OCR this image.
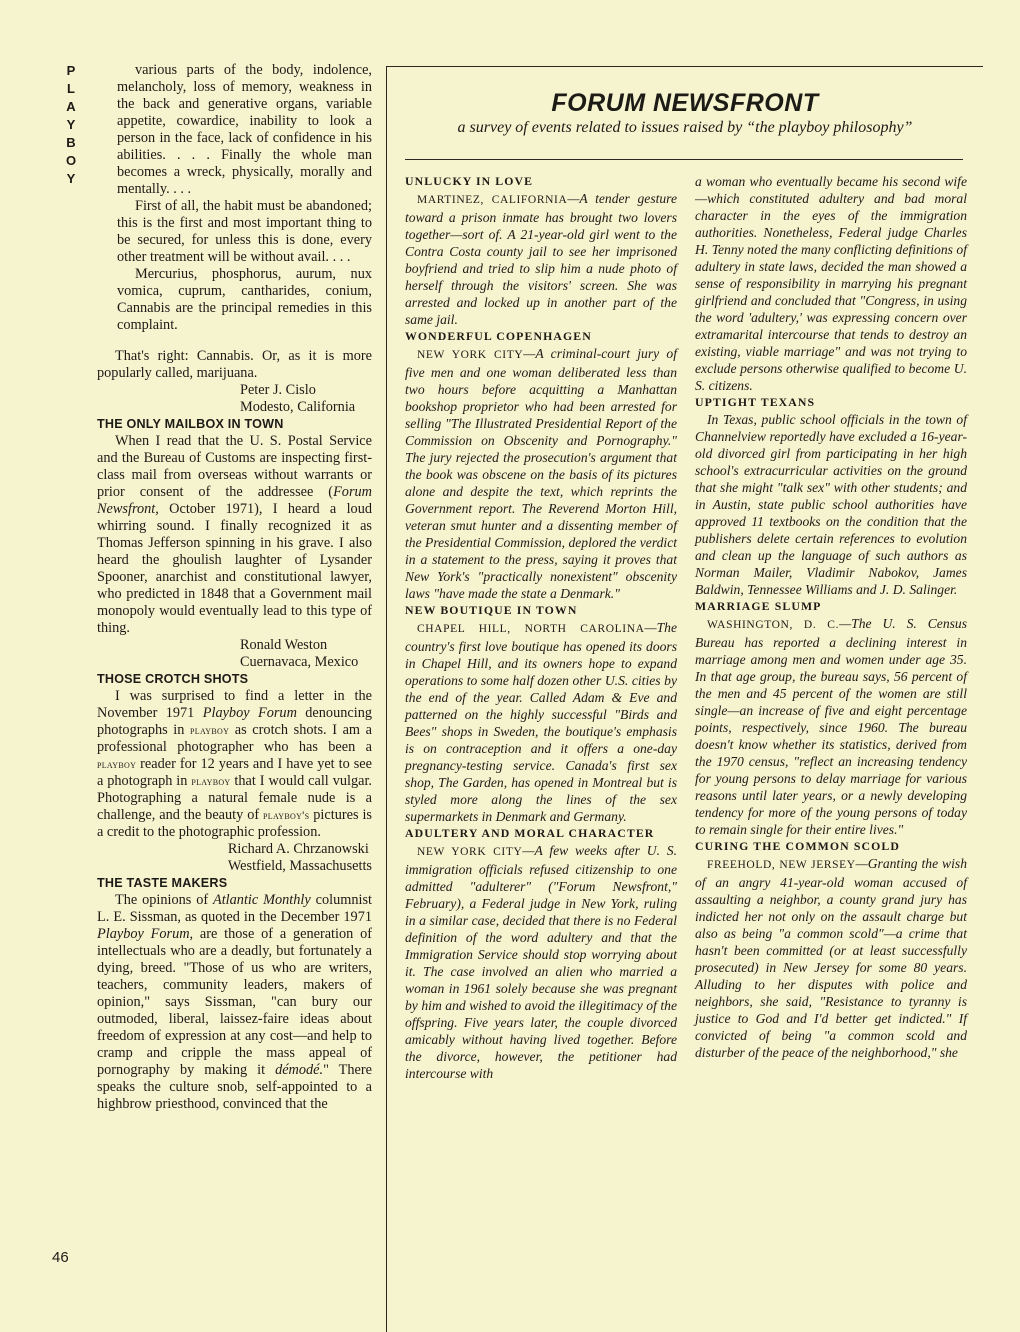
P
L
A
Y
B
O
Y
46

various parts of the body, indolence, melancholy, loss of memory, weakness in the back and generative organs, variable appetite, cowardice, inability to look a person in the face, lack of confidence in his abilities. . . . Finally the whole man becomes a wreck, physically, morally and mentally. . . .

First of all, the habit must be abandoned; this is the first and most important thing to be secured, for unless this is done, every other treatment will be without avail. . . .

Mercurius, phosphorus, aurum, nux vomica, cuprum, cantharides, conium, Cannabis are the principal remedies in this complaint.

That's right: Cannabis. Or, as it is more popularly called, marijuana.

Peter J. Cislo
Modesto, California

THE ONLY MAILBOX IN TOWN

When I read that the U. S. Postal Service and the Bureau of Customs are inspecting first-class mail from overseas without warrants or prior consent of the addressee (Forum Newsfront, October 1971), I heard a loud whirring sound. I finally recognized it as Thomas Jefferson spinning in his grave. I also heard the ghoulish laughter of Lysander Spooner, anarchist and constitutional lawyer, who predicted in 1848 that a Government mail monopoly would eventually lead to this type of thing.

Ronald Weston
Cuernavaca, Mexico

THOSE CROTCH SHOTS

I was surprised to find a letter in the November 1971 Playboy Forum denouncing photographs in playboy as crotch shots. I am a professional photographer who has been a playboy reader for 12 years and I have yet to see a photograph in playboy that I would call vulgar. Photographing a natural female nude is a challenge, and the beauty of playboy's pictures is a credit to the photographic profession.

Richard A. Chrzanowski
Westfield, Massachusetts

THE TASTE MAKERS

The opinions of Atlantic Monthly columnist L. E. Sissman, as quoted in the December 1971 Playboy Forum, are those of a generation of intellectuals who are a deadly, but fortunately a dying, breed. "Those of us who are writers, teachers, community leaders, makers of opinion," says Sissman, "can bury our outmoded, liberal, laissez-faire ideas about freedom of expression at any cost—and help to cramp and cripple the mass appeal of pornography by making it démodé." There speaks the culture snob, self-appointed to a highbrow priesthood, convinced that the

FORUM NEWSFRONT
a survey of events related to issues raised by “the playboy philosophy”

UNLUCKY IN LOVE

MARTINEZ, CALIFORNIA—A tender gesture toward a prison inmate has brought two lovers together—sort of. A 21-year-old girl went to the Contra Costa county jail to see her imprisoned boyfriend and tried to slip him a nude photo of herself through the visitors' screen. She was arrested and locked up in another part of the same jail.

WONDERFUL COPENHAGEN

NEW YORK CITY—A criminal-court jury of five men and one woman deliberated less than two hours before acquitting a Manhattan bookshop proprietor who had been arrested for selling "The Illustrated Presidential Report of the Commission on Obscenity and Pornography." The jury rejected the prosecution's argument that the book was obscene on the basis of its pictures alone and despite the text, which reprints the Government report. The Reverend Morton Hill, veteran smut hunter and a dissenting member of the Presidential Commission, deplored the verdict in a statement to the press, saying it proves that New York's "practically nonexistent" obscenity laws "have made the state a Denmark."

NEW BOUTIQUE IN TOWN

CHAPEL HILL, NORTH CAROLINA—The country's first love boutique has opened its doors in Chapel Hill, and its owners hope to expand operations to some half dozen other U.S. cities by the end of the year. Called Adam & Eve and patterned on the highly successful "Birds and Bees" shops in Sweden, the boutique's emphasis is on contraception and it offers a one-day pregnancy-testing service. Canada's first sex shop, The Garden, has opened in Montreal but is styled more along the lines of the sex supermarkets in Denmark and Germany.

ADULTERY AND MORAL CHARACTER

NEW YORK CITY—A few weeks after U. S. immigration officials refused citizenship to one admitted "adulterer" ("Forum Newsfront," February), a Federal judge in New York, ruling in a similar case, decided that there is no Federal definition of the word adultery and that the Immigration Service should stop worrying about it. The case involved an alien who married a woman in 1961 solely because she was pregnant by him and wished to avoid the illegitimacy of the offspring. Five years later, the couple divorced amicably without having lived together. Before the divorce, however, the petitioner had intercourse with

a woman who eventually became his second wife—which constituted adultery and bad moral character in the eyes of the immigration authorities. Nonetheless, Federal judge Charles H. Tenny noted the many conflicting definitions of adultery in state laws, decided the man showed a sense of responsibility in marrying his pregnant girlfriend and concluded that "Congress, in using the word 'adultery,' was expressing concern over extramarital intercourse that tends to destroy an existing, viable marriage" and was not trying to exclude persons otherwise qualified to become U. S. citizens.

UPTIGHT TEXANS

In Texas, public school officials in the town of Channelview reportedly have excluded a 16-year-old divorced girl from participating in her high school's extracurricular activities on the ground that she might "talk sex" with other students; and in Austin, state public school authorities have approved 11 textbooks on the condition that the publishers delete certain references to evolution and clean up the language of such authors as Norman Mailer, Vladimir Nabokov, James Baldwin, Tennessee Williams and J. D. Salinger.

MARRIAGE SLUMP

WASHINGTON, D. C.—The U. S. Census Bureau has reported a declining interest in marriage among men and women under age 35. In that age group, the bureau says, 56 percent of the men and 45 percent of the women are still single—an increase of five and eight percentage points, respectively, since 1960. The bureau doesn't know whether its statistics, derived from the 1970 census, "reflect an increasing tendency for young persons to delay marriage for various reasons until later years, or a newly developing tendency for more of the young persons of today to remain single for their entire lives."

CURING THE COMMON SCOLD

FREEHOLD, NEW JERSEY—Granting the wish of an angry 41-year-old woman accused of assaulting a neighbor, a county grand jury has indicted her not only on the assault charge but also as being "a common scold"—a crime that hasn't been committed (or at least successfully prosecuted) in New Jersey for some 80 years. Alluding to her disputes with police and neighbors, she said, "Resistance to tyranny is justice to God and I'd better get indicted." If convicted of being "a common scold and disturber of the peace of the neighborhood," she
